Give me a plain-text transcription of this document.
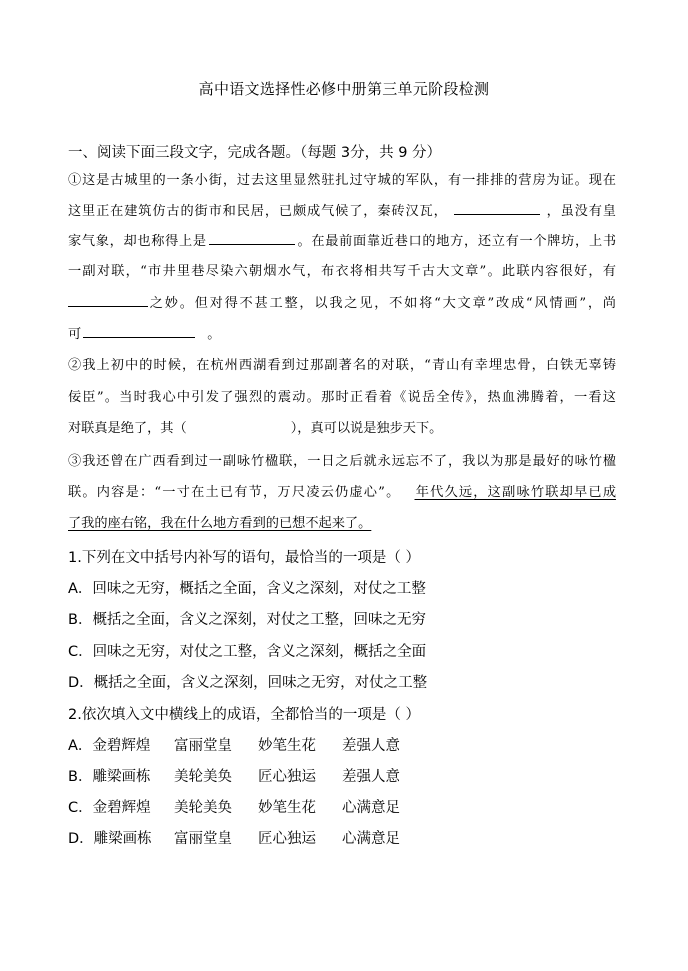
高中语文选择性必修中册第三单元阶段检测
一、阅读下面三段文字，完成各题。（每题 3分，共 9 分）
①这是古城里的一条小街，过去这里显然驻扎过守城的军队，有一排排的营房为证。现在
这里正在建筑仿古的街市和民居，已颇成气候了，秦砖汉瓦，	，虽没有皇
家气象，却也称得上是	。在最前面靠近巷口的地方，还立有一个牌坊，上书
一副对联，“市井里巷尽染六朝烟水气，布衣将相共写千古大文章”。此联内容很好，有
之妙。但对得不甚工整，以我之见，不如将“大文章”改成“风情画”，尚
可	。
②我上初中的时候，在杭州西湖看到过那副著名的对联，“青山有幸埋忠骨，白铁无辜铸
佞臣”。当时我心中引发了强烈的震动。那时正看着《说岳全传》，热血沸腾着，一看这
对联真是绝了，其（	），真可以说是独步天下。
③我还曾在广西看到过一副咏竹楹联，一日之后就永远忘不了，我以为那是最好的咏竹楹
联。内容是：“一寸在土已有节，万尺凌云仍虚心”。 年代久远，这副咏竹联却早已成
了我的座右铭，我在什么地方看到的已想不起来了。
1.下列在文中括号内补写的语句，最恰当的一项是（ ）
A．回味之无穷，概括之全面，含义之深刻，对仗之工整
B．概括之全面，含义之深刻，对仗之工整，回味之无穷
C．回味之无穷，对仗之工整，含义之深刻，概括之全面
D．概括之全面，含义之深刻，回味之无穷，对仗之工整
2.依次填入文中横线上的成语，全都恰当的一项是（ ）
A．金碧辉煌 富丽堂皇 妙笔生花 差强人意
B．雕梁画栋 美轮美奂 匠心独运 差强人意
C．金碧辉煌 美轮美奂 妙笔生花 心满意足
D．雕梁画栋 富丽堂皇 匠心独运 心满意足
